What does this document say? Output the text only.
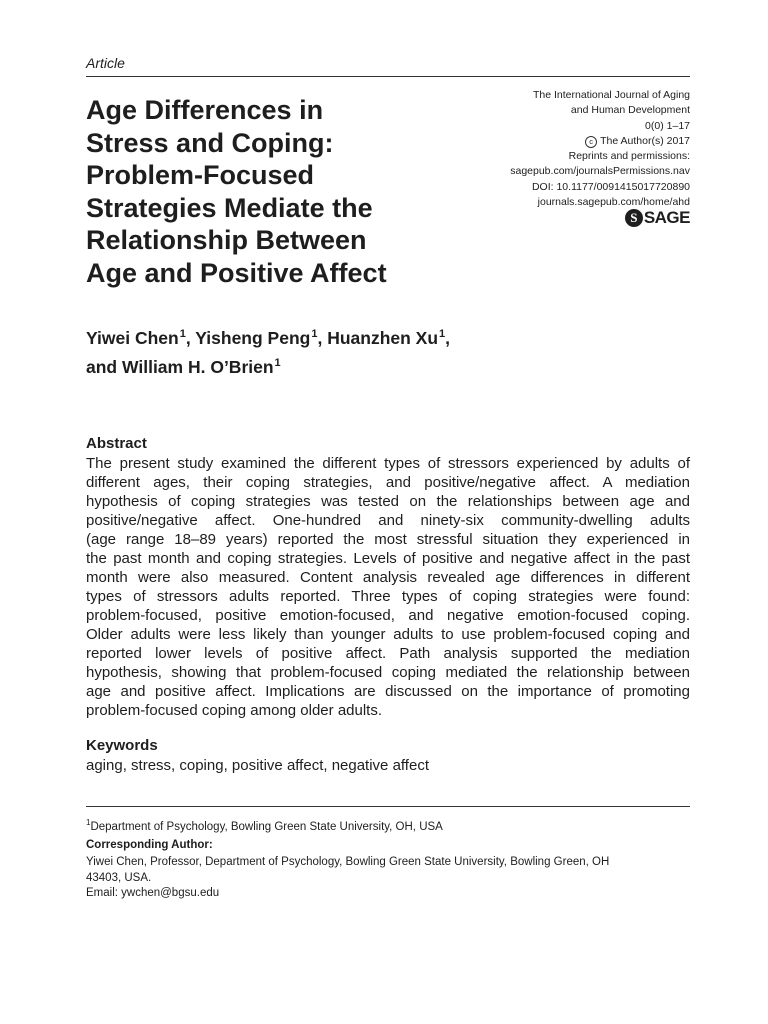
Article
Age Differences in
Stress and Coping:
Problem-Focused
Strategies Mediate the
Relationship Between
Age and Positive Affect
The International Journal of Aging
and Human Development
0(0) 1–17
c The Author(s) 2017
Reprints and permissions:
sagepub.com/journalsPermissions.nav
DOI: 10.1177/0091415017720890
journals.sagepub.com/home/ahd
S SAGE
Yiwei Chen$^1$, Yisheng Peng$^1$, Huanzhen Xu$^1$,
and William H. O’Brien$^1$
Abstract
The present study examined the different types of stressors experienced by adults of
different ages, their coping strategies, and positive/negative affect. A mediation
hypothesis of coping strategies was tested on the relationships between age and
positive/negative affect. One-hundred and ninety-six community-dwelling adults
(age range 18–89 years) reported the most stressful situation they experienced in
the past month and coping strategies. Levels of positive and negative affect in the past
month were also measured. Content analysis revealed age differences in different
types of stressors adults reported. Three types of coping strategies were found:
problem-focused, positive emotion-focused, and negative emotion-focused coping.
Older adults were less likely than younger adults to use problem-focused coping and
reported lower levels of positive affect. Path analysis supported the mediation
hypothesis, showing that problem-focused coping mediated the relationship between
age and positive affect. Implications are discussed on the importance of promoting
problem-focused coping among older adults.
Keywords
aging, stress, coping, positive affect, negative affect
$^1$Department of Psychology, Bowling Green State University, OH, USA
Corresponding Author:
Yiwei Chen, Professor, Department of Psychology, Bowling Green State University, Bowling Green, OH
43403, USA.
Email: ywchen@bgsu.edu
